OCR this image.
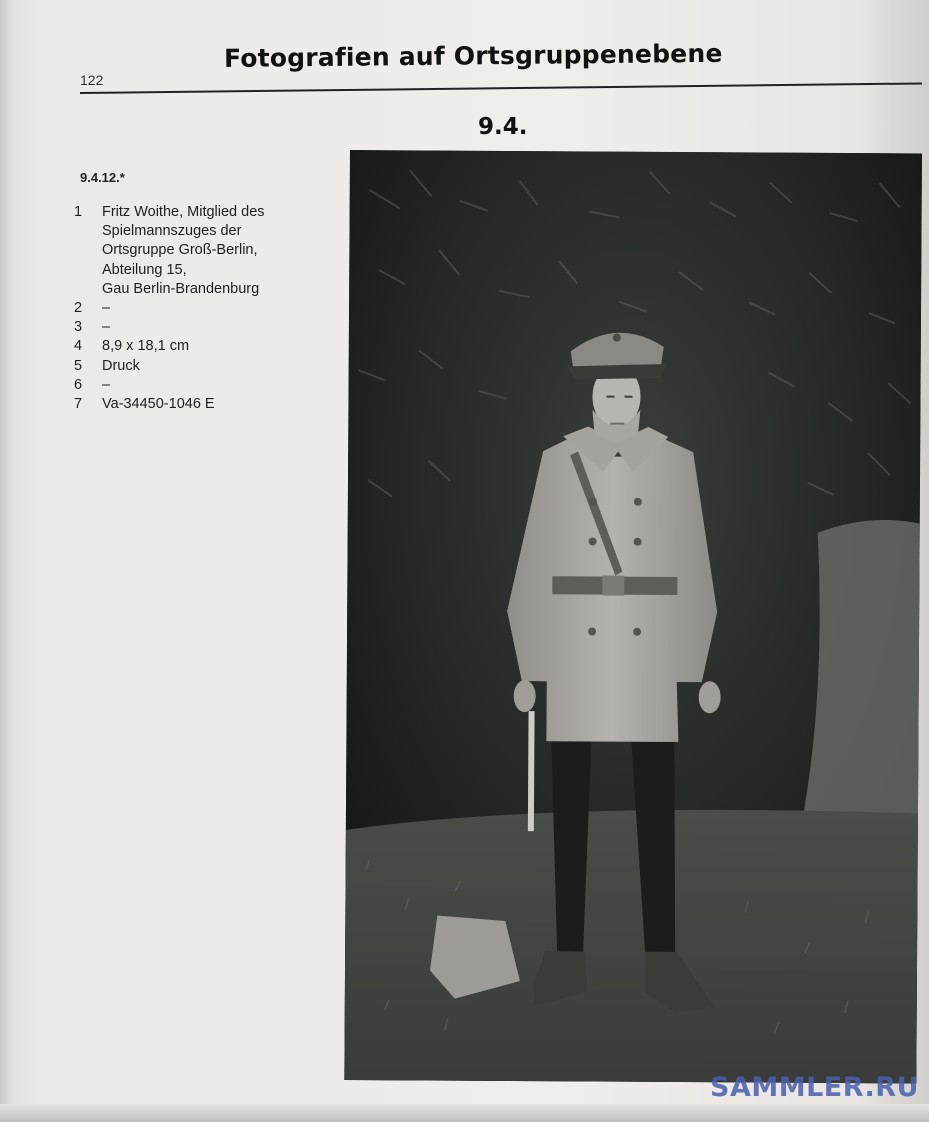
122
Fotografien auf Ortsgruppenebene
9.4.
9.4.12.*
1	Fritz Woithe, Mitglied des
Spielmannszuges der
Ortsgruppe Groß-Berlin,
Abteilung 15,
Gau Berlin-Brandenburg
2	–
3	–
4	8,9 x 18,1 cm
5	Druck
6	–
7	Va-34450-1046 E
SAMMLER.RU
